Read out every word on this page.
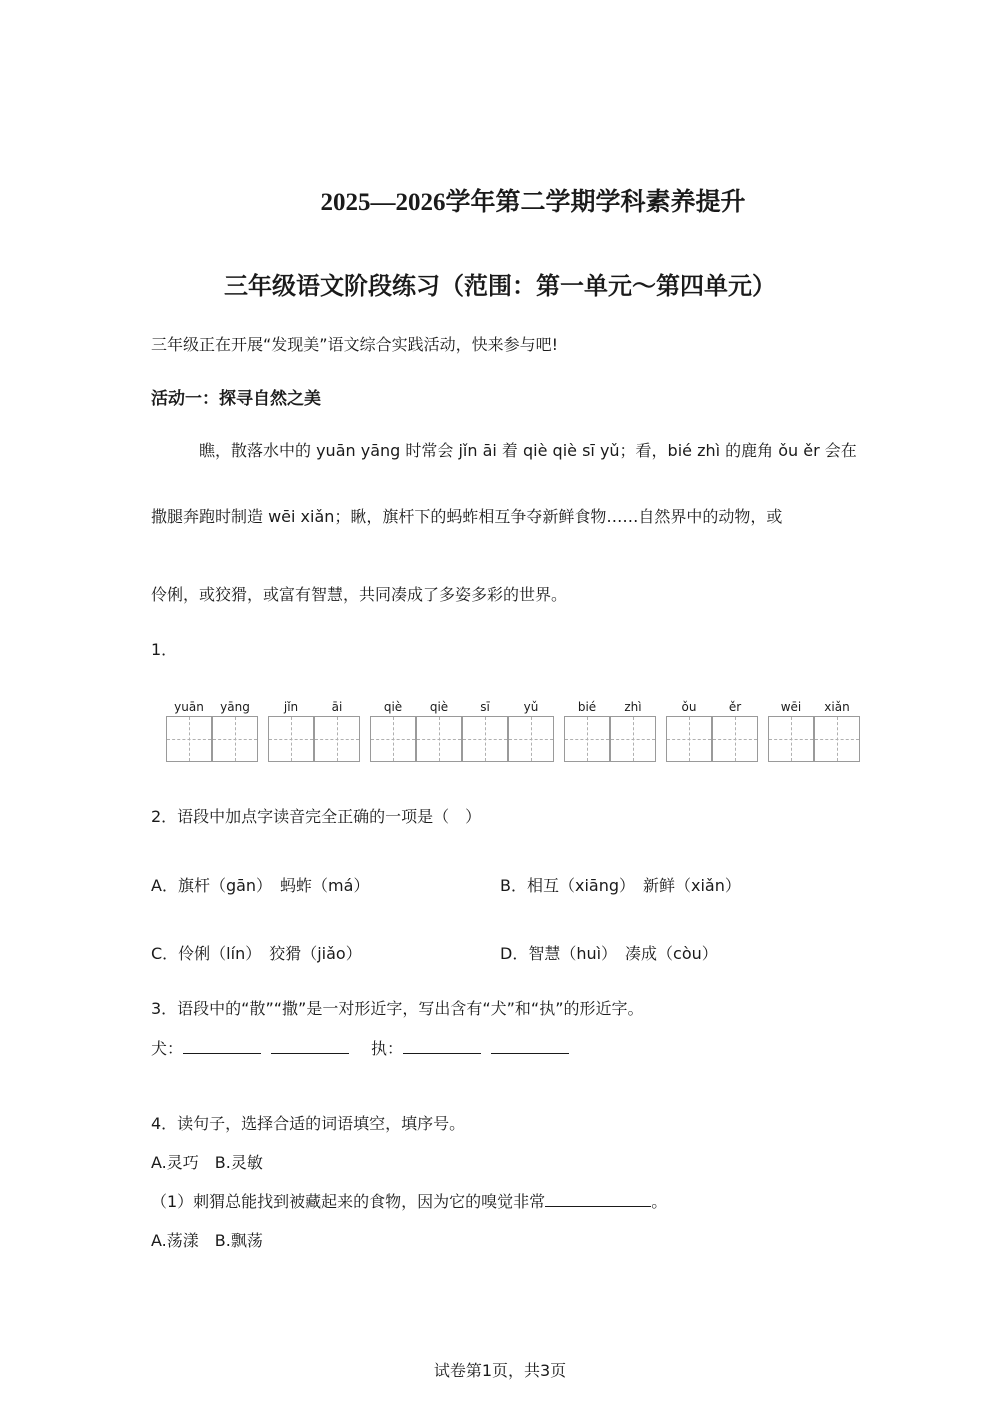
2025—2026学年第二学期学科素养提升
三年级语文阶段练习（范围：第一单元～第四单元）
三年级正在开展“发现美”语文综合实践活动，快来参与吧!
活动一：探寻自然之美
瞧，散落水中的 yuān yāng 时常会 jǐn āi 着 qiè qiè sī yǔ；看，bié zhì 的鹿角 ǒu ěr 会在
撒腿奔跑时制造 wēi xiǎn；瞅，旗杆下的蚂蚱相互争夺新鲜食物……自然界中的动物，或
伶俐，或狡猾，或富有智慧，共同凑成了多姿多彩的世界。
1．
yuān	yāng	jǐn	āi	qiè	qiè	sī	yǔ	bié	zhì	ǒu	ěr	wēi	xiǎn
2．语段中加点字读音完全正确的一项是（　）
A．旗杆（gān）　蚂蚱（má）	B．相互（xiāng）　新鲜（xiǎn）
C．伶俐（lín）　狡猾（jiǎo）	D．智慧（huì）　凑成（còu）
3．语段中的“散”“撒”是一对形近字，写出含有“犬”和“执”的形近字。
犬：	执：
4．读句子，选择合适的词语填空，填序号。
A.灵巧　B.灵敏
（1）刺猬总能找到被藏起来的食物，因为它的嗅觉非常	。
A.荡漾　B.飘荡
试卷第1页，共3页
